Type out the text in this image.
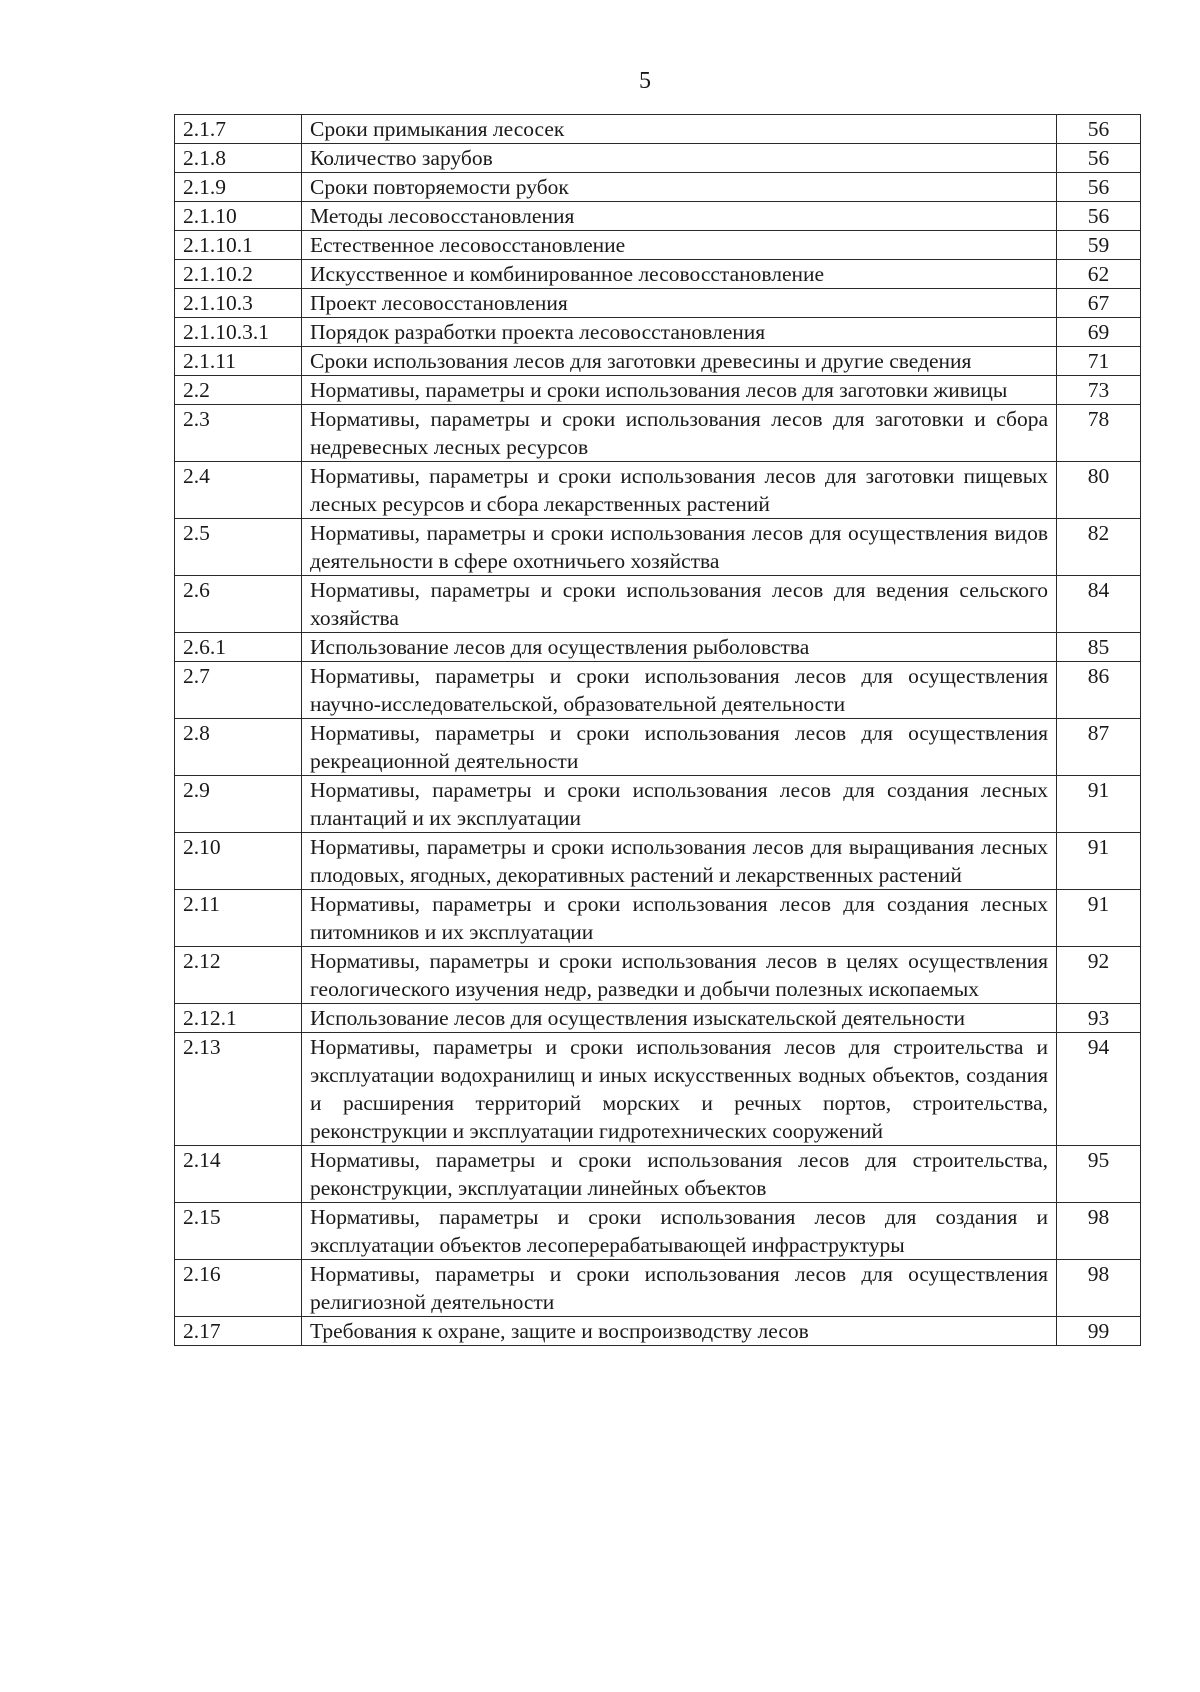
5
2.1.7	Сроки примыкания лесосек	56
2.1.8	Количество зарубов	56
2.1.9	Сроки повторяемости рубок	56
2.1.10	Методы лесовосстановления	56
2.1.10.1	Естественное лесовосстановление	59
2.1.10.2	Искусственное и комбинированное лесовосстановление	62
2.1.10.3	Проект лесовосстановления	67
2.1.10.3.1	Порядок разработки проекта лесовосстановления	69
2.1.11	Сроки использования лесов для заготовки древесины и другие сведения	71
2.2	Нормативы, параметры и сроки использования лесов для заготовки живицы	73
2.3	Нормативы, параметры и сроки использования лесов для заготовки и сбора недревесных лесных ресурсов	78
2.4	Нормативы, параметры и сроки использования лесов для заготовки пищевых лесных ресурсов и сбора лекарственных растений	80
2.5	Нормативы, параметры и сроки использования лесов для осуществления видов деятельности в сфере охотничьего хозяйства	82
2.6	Нормативы, параметры и сроки использования лесов для ведения сельского хозяйства	84
2.6.1	Использование лесов для осуществления рыболовства	85
2.7	Нормативы, параметры и сроки использования лесов для осуществления научно-исследовательской, образовательной деятельности	86
2.8	Нормативы, параметры и сроки использования лесов для осуществления рекреационной деятельности	87
2.9	Нормативы, параметры и сроки использования лесов для создания лесных плантаций и их эксплуатации	91
2.10	Нормативы, параметры и сроки использования лесов для выращивания лесных плодовых, ягодных, декоративных растений и лекарственных растений	91
2.11	Нормативы, параметры и сроки использования лесов для создания лесных питомников и их эксплуатации	91
2.12	Нормативы, параметры и сроки использования лесов в целях осуществления геологического изучения недр, разведки и добычи полезных ископаемых	92
2.12.1	Использование лесов для осуществления изыскательской деятельности	93
2.13	Нормативы, параметры и сроки использования лесов для строительства и эксплуатации водохранилищ и иных искусственных водных объектов, создания и расширения территорий морских и речных портов, строительства, реконструкции и эксплуатации гидротехнических сооружений	94
2.14	Нормативы, параметры и сроки использования лесов для строительства, реконструкции, эксплуатации линейных объектов	95
2.15	Нормативы, параметры и сроки использования лесов для создания и эксплуатации объектов лесоперерабатывающей инфраструктуры	98
2.16	Нормативы, параметры и сроки использования лесов для осуществления религиозной деятельности	98
2.17	Требования к охране, защите и воспроизводству лесов	99
